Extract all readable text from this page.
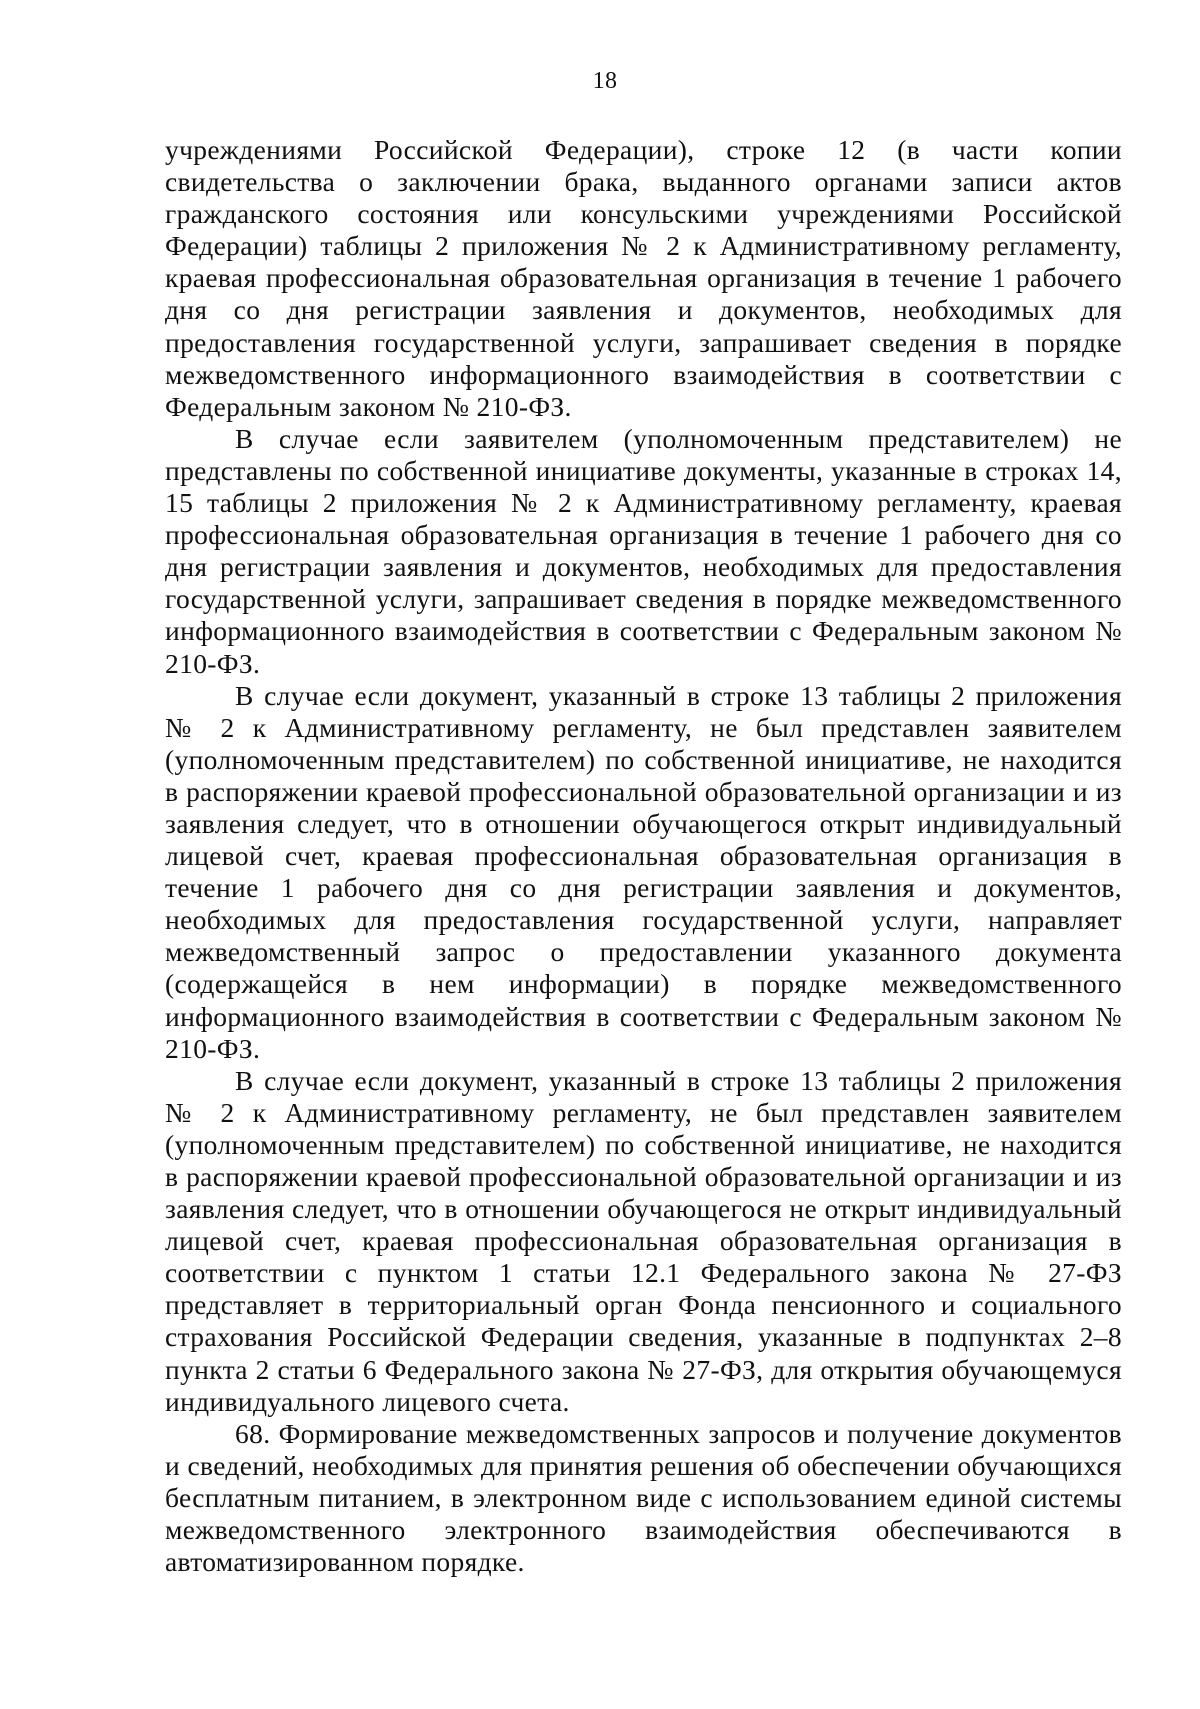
18

учреждениями Российской Федерации), строке 12 (в части копии свидетельства о заключении брака, выданного органами записи актов гражданского состояния или консульскими учреждениями Российской Федерации) таблицы 2 приложения № 2 к Административному регламенту, краевая профессиональная образовательная организация в течение 1 рабочего дня со дня регистрации заявления и документов, необходимых для предоставления государственной услуги, запрашивает сведения в порядке межведомственного информационного взаимодействия в соответствии с Федеральным законом № 210-ФЗ.

В случае если заявителем (уполномоченным представителем) не представлены по собственной инициативе документы, указанные в строках 14, 15 таблицы 2 приложения № 2 к Административному регламенту, краевая профессиональная образовательная организация в течение 1 рабочего дня со дня регистрации заявления и документов, необходимых для предоставления государственной услуги, запрашивает сведения в порядке межведомственного информационного взаимодействия в соответствии с Федеральным законом № 210-ФЗ.

В случае если документ, указанный в строке 13 таблицы 2 приложения № 2 к Административному регламенту, не был представлен заявителем (уполномоченным представителем) по собственной инициативе, не находится в распоряжении краевой профессиональной образовательной организации и из заявления следует, что в отношении обучающегося открыт индивидуальный лицевой счет, краевая профессиональная образовательная организация в течение 1 рабочего дня со дня регистрации заявления и документов, необходимых для предоставления государственной услуги, направляет межведомственный запрос о предоставлении указанного документа (содержащейся в нем информации) в порядке межведомственного информационного взаимодействия в соответствии с Федеральным законом № 210-ФЗ.

В случае если документ, указанный в строке 13 таблицы 2 приложения № 2 к Административному регламенту, не был представлен заявителем (уполномоченным представителем) по собственной инициативе, не находится в распоряжении краевой профессиональной образовательной организации и из заявления следует, что в отношении обучающегося не открыт индивидуальный лицевой счет, краевая профессиональная образовательная организация в соответствии с пунктом 1 статьи 12.1 Федерального закона № 27-ФЗ представляет в территориальный орган Фонда пенсионного и социального страхования Российской Федерации сведения, указанные в подпунктах 2–8 пункта 2 статьи 6 Федерального закона № 27-ФЗ, для открытия обучающемуся индивидуального лицевого счета.

68. Формирование межведомственных запросов и получение документов и сведений, необходимых для принятия решения об обеспечении обучающихся бесплатным питанием, в электронном виде с использованием единой системы межведомственного электронного взаимодействия обеспечиваются в автоматизированном порядке.
